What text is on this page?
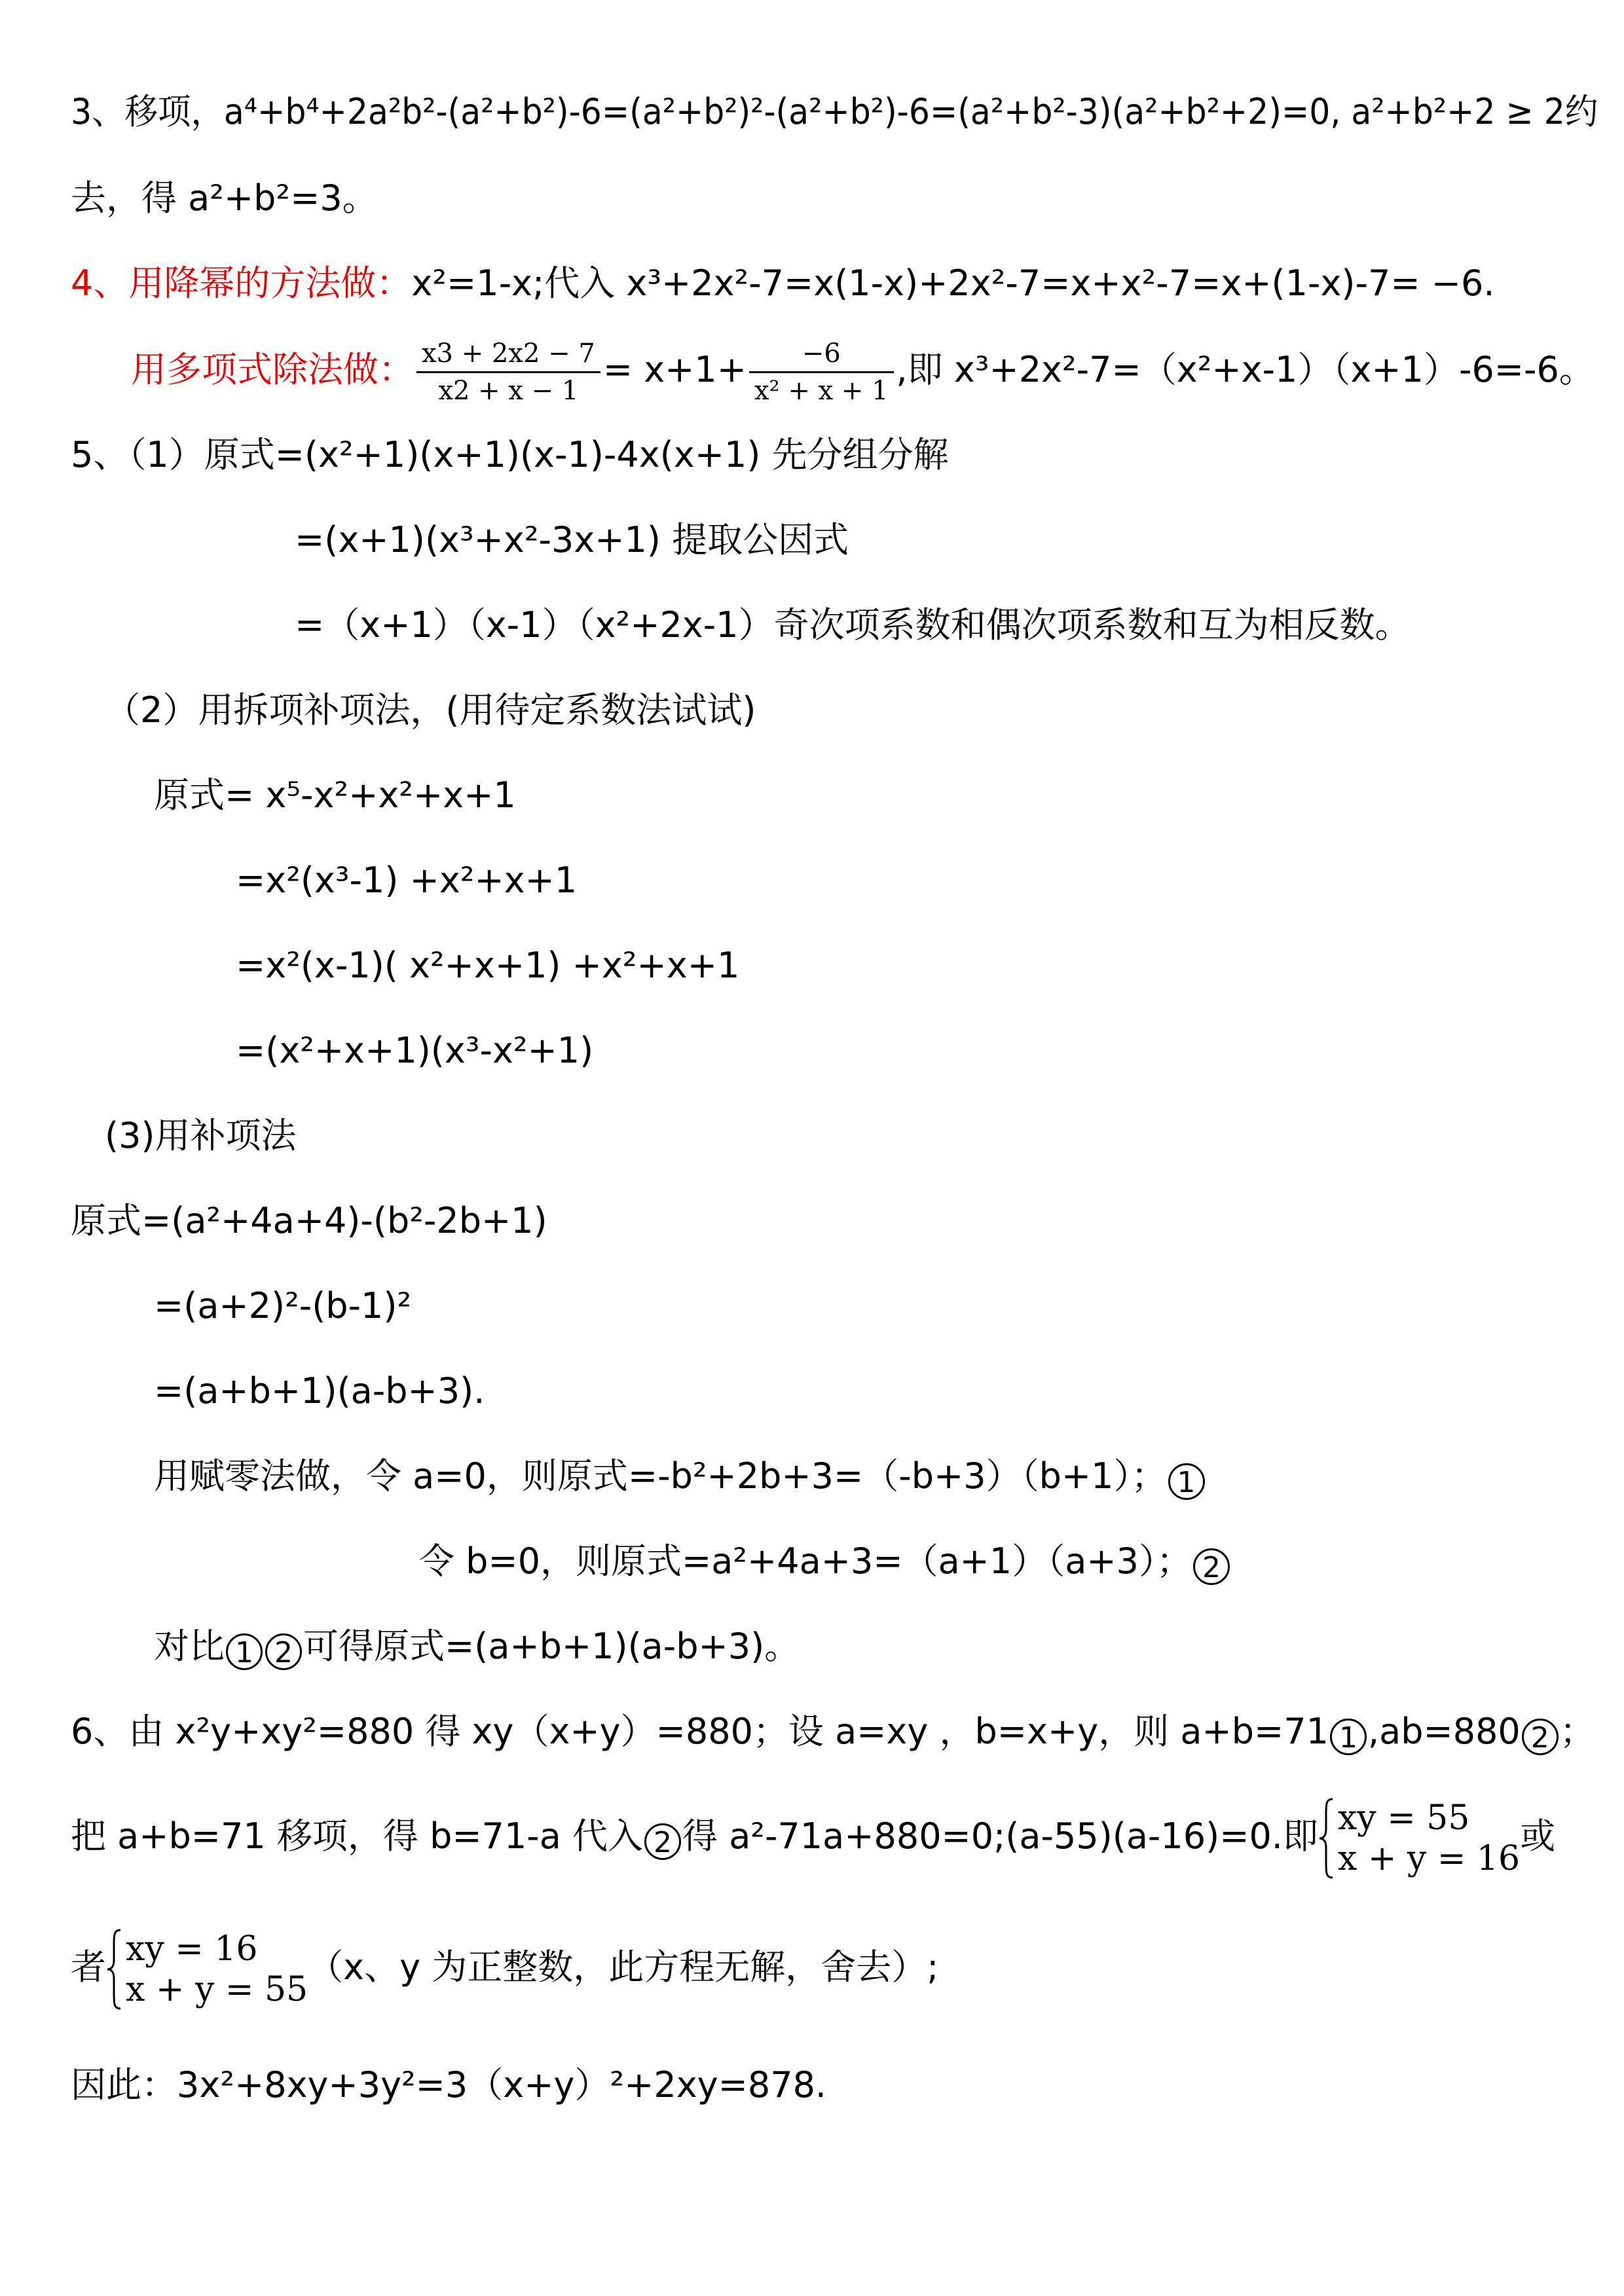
3、移项，a⁴+b⁴+2a²b²-(a²+b²)-6=(a²+b²)²-(a²+b²)-6=(a²+b²-3)(a²+b²+2)=0, a²+b²+2 ≥ 2约
去，得 a²+b²=3。
4、用降幂的方法做：x²=1-x;代入 x³+2x²-7=x(1-x)+2x²-7=x+x²-7=x+(1-x)-7= −6.
用多项式除法做： $\frac{x3 + 2x2 - 7}{x2 + x - 1} = x+1+ \frac{-6}{\text{x² + x + 1}}$ ,即 x³+2x²-7=（x²+x-1）（x+1）-6=-6。
5、（1）原式=(x²+1)(x+1)(x-1)-4x(x+1) 先分组分解
=(x+1)(x³+x²-3x+1) 提取公因式
=（x+1）（x-1）（x²+2x-1）奇次项系数和偶次项系数和互为相反数。
（2）用拆项补项法，(用待定系数法试试)
原式= x⁵-x²+x²+x+1
=x²(x³-1) +x²+x+1
=x²(x-1)( x²+x+1) +x²+x+1
=(x²+x+1)(x³-x²+1)
(3)用补项法
原式=(a²+4a+4)-(b²-2b+1)
=(a+2)²-(b-1)²
=(a+b+1)(a-b+3).
用赋零法做，令 a=0，则原式=-b²+2b+3=（-b+3）（b+1）； 1
令 b=0，则原式=a²+4a+3=（a+1）（a+3）； 2
对比 1 2 可得原式=(a+b+1)(a-b+3)。
6、由 x²y+xy²=880 得 xy（x+y）=880；设 a=xy ，b=x+y，则 a+b=71 1 ,ab=880 2 ；
把 a+b=71 移项，得 b=71-a 代入 2 得 a²-71a+880=0;(a-55)(a-16)=0.即 xy = 55
x + y = 16
或
者 xy = 16
x + y = 55
（x、y 为正整数，此方程无解，舍去）;
因此：3x²+8xy+3y²=3（x+y）²+2xy=878.
